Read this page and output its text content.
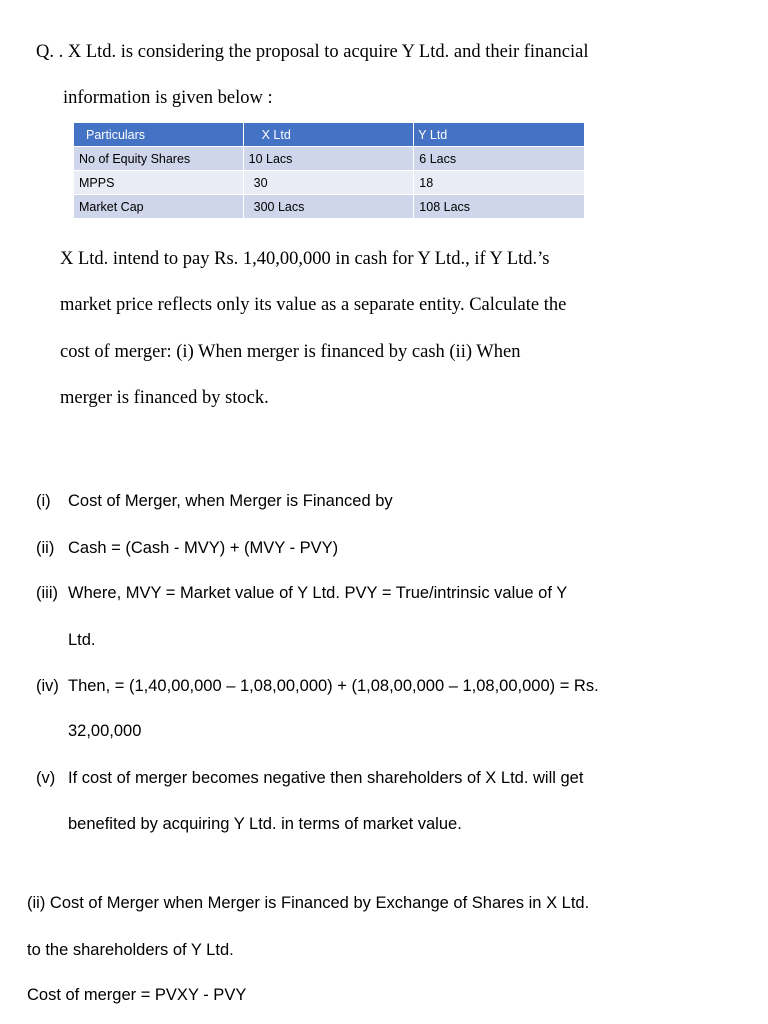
Q. . X Ltd. is considering the proposal to acquire Y Ltd. and their financial
information is given below :
Particulars	X Ltd	Y Ltd
No of Equity Shares	10 Lacs	6 Lacs
MPPS	30	18
Market Cap	300 Lacs	108 Lacs
X Ltd. intend to pay Rs. 1,40,00,000 in cash for Y Ltd., if Y Ltd.’s
market price reflects only its value as a separate entity. Calculate the
cost of merger: (i) When merger is financed by cash (ii) When
merger is financed by stock.
(i) Cost of Merger, when Merger is Financed by
(ii) Cash = (Cash - MVY) + (MVY - PVY)
(iii) Where, MVY = Market value of Y Ltd. PVY = True/intrinsic value of Y
Ltd.
(iv) Then, = (1,40,00,000 – 1,08,00,000) + (1,08,00,000 – 1,08,00,000) = Rs.
32,00,000
(v) If cost of merger becomes negative then shareholders of X Ltd. will get
benefited by acquiring Y Ltd. in terms of market value.
(ii) Cost of Merger when Merger is Financed by Exchange of Shares in X Ltd.
to the shareholders of Y Ltd.
Cost of merger = PVXY - PVY
